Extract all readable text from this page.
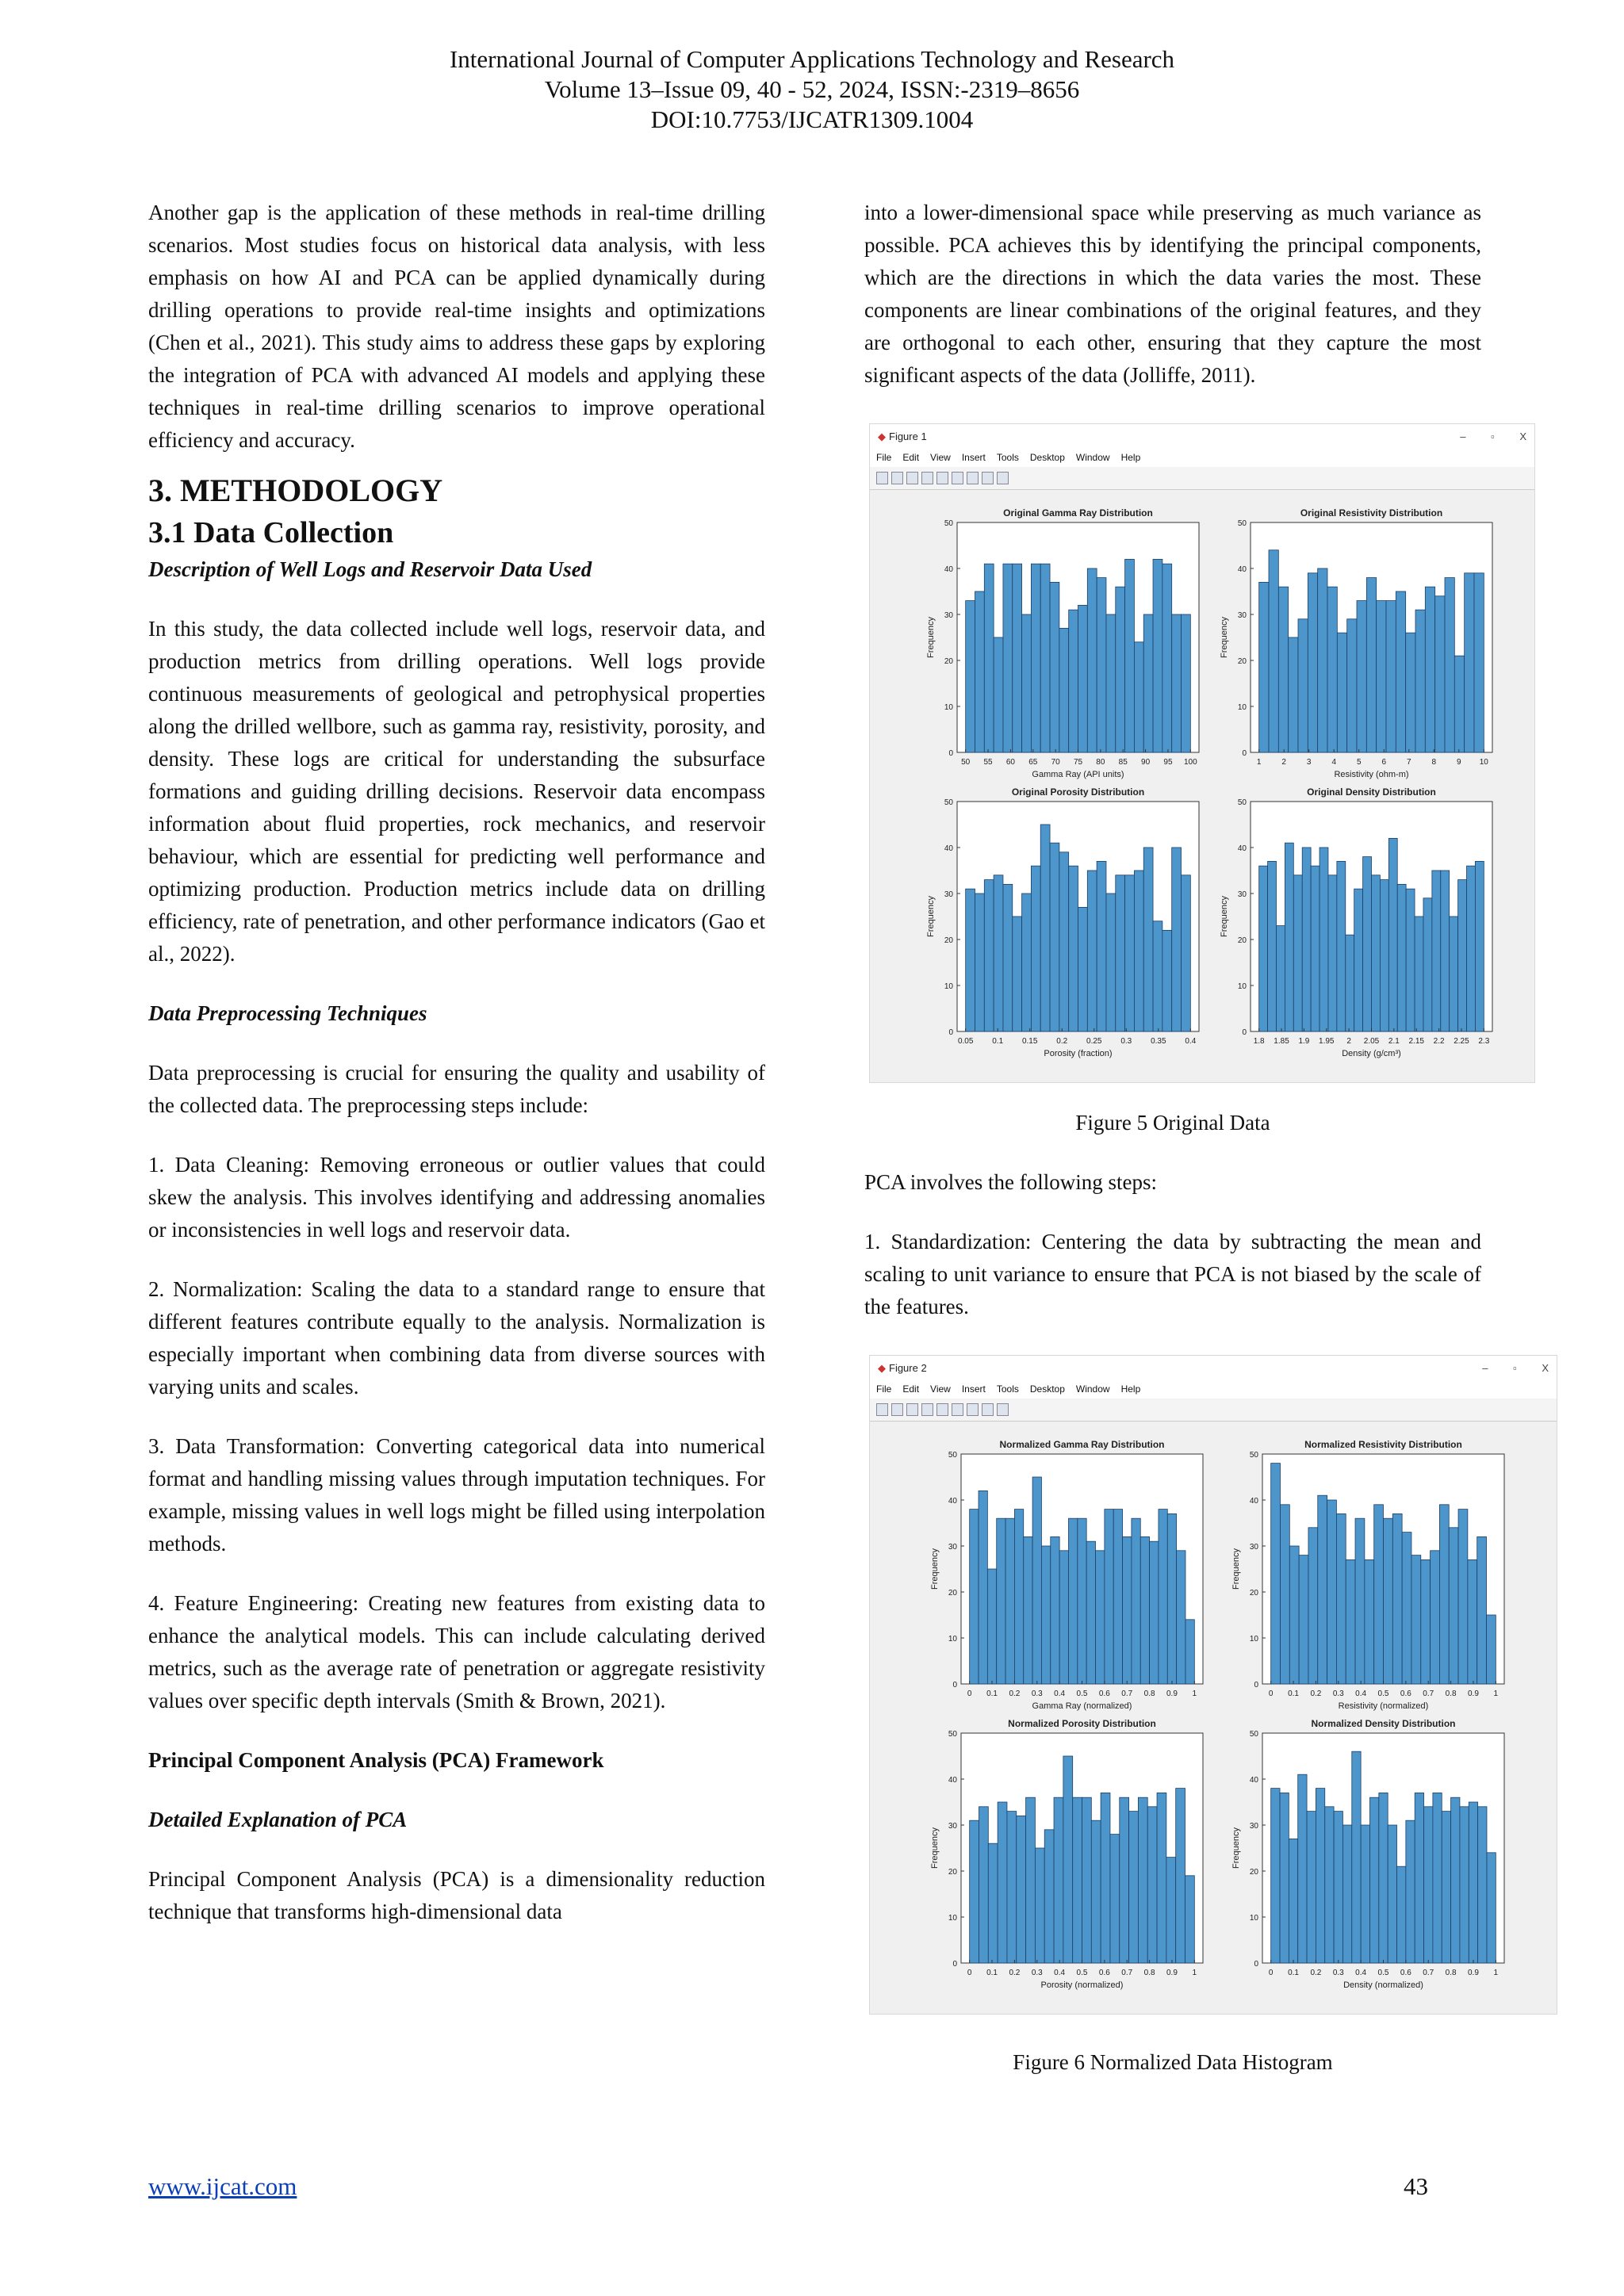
International Journal of Computer Applications Technology and Research
Volume 13–Issue 09, 40 - 52, 2024, ISSN:-2319–8656
DOI:10.7753/IJCATR1309.1004

Another gap is the application of these methods in real-time drilling scenarios. Most studies focus on historical data analysis, with less emphasis on how AI and PCA can be applied dynamically during drilling operations to provide real-time insights and optimizations (Chen et al., 2021). This study aims to address these gaps by exploring the integration of PCA with advanced AI models and applying these techniques in real-time drilling scenarios to improve operational efficiency and accuracy.

3. METHODOLOGY

3.1 Data Collection

Description of Well Logs and Reservoir Data Used

In this study, the data collected include well logs, reservoir data, and production metrics from drilling operations. Well logs provide continuous measurements of geological and petrophysical properties along the drilled wellbore, such as gamma ray, resistivity, porosity, and density. These logs are critical for understanding the subsurface formations and guiding drilling decisions. Reservoir data encompass information about fluid properties, rock mechanics, and reservoir behaviour, which are essential for predicting well performance and optimizing production. Production metrics include data on drilling efficiency, rate of penetration, and other performance indicators (Gao et al., 2022).

Data Preprocessing Techniques

Data preprocessing is crucial for ensuring the quality and usability of the collected data. The preprocessing steps include:

1. Data Cleaning: Removing erroneous or outlier values that could skew the analysis. This involves identifying and addressing anomalies or inconsistencies in well logs and reservoir data.

2. Normalization: Scaling the data to a standard range to ensure that different features contribute equally to the analysis. Normalization is especially important when combining data from diverse sources with varying units and scales.

3. Data Transformation: Converting categorical data into numerical format and handling missing values through imputation techniques. For example, missing values in well logs might be filled using interpolation methods.

4. Feature Engineering: Creating new features from existing data to enhance the analytical models. This can include calculating derived metrics, such as the average rate of penetration or aggregate resistivity values over specific depth intervals (Smith & Brown, 2021).

Principal Component Analysis (PCA) Framework

Detailed Explanation of PCA

Principal Component Analysis (PCA) is a dimensionality reduction technique that transforms high-dimensional data

into a lower-dimensional space while preserving as much variance as possible. PCA achieves this by identifying the principal components, which are the directions in which the data varies the most. These components are linear combinations of the original features, and they are orthogonal to each other, ensuring that they capture the most significant aspects of the data (Jolliffe, 2011).

◆ Figure 1	– ▫ X
File Edit View Insert Tools Desktop Window Help
Original Gamma Ray Distribution
0
10
20
30
40
50
50 55 60 65 70 75 80 85 90 95 100
Gamma Ray (API units)
Frequency
Original Resistivity Distribution
0
10
20
30
40
50
1	2	3	4	5	6	7	8	9 10
Resistivity (ohm-m)
Frequency
Original Porosity Distribution
0
10
20
30
40
50
0.05 0.1 0.15 0.2 0.25 0.3 0.35 0.4
Porosity (fraction)
Frequency
Original Density Distribution
0
10
20
30
40
50
1.8 1.85 1.9 1.95 2 2.05 2.1 2.15 2.2 2.25 2.3
Density (g/cm³)
Frequency

Figure 5 Original Data

PCA involves the following steps:

1. Standardization: Centering the data by subtracting the mean and scaling to unit variance to ensure that PCA is not biased by the scale of the features.

◆ Figure 2	– ▫ X
File Edit View Insert Tools Desktop Window Help
Normalized Gamma Ray Distribution
0
10
20
30
40
50
0 0.1 0.2 0.3 0.4 0.5 0.6 0.7 0.8 0.9 1
Gamma Ray (normalized)
Frequency
Normalized Resistivity Distribution
0
10
20
30
40
50
0 0.1 0.2 0.3 0.4 0.5 0.6 0.7 0.8 0.9 1
Resistivity (normalized)
Frequency
Normalized Porosity Distribution
0
10
20
30
40
50
0 0.1 0.2 0.3 0.4 0.5 0.6 0.7 0.8 0.9 1
Porosity (normalized)
Frequency
Normalized Density Distribution
0
10
20
30
40
50
0 0.1 0.2 0.3 0.4 0.5 0.6 0.7 0.8 0.9 1
Density (normalized)
Frequency

Figure 6 Normalized Data Histogram

www.ijcat.com	43
